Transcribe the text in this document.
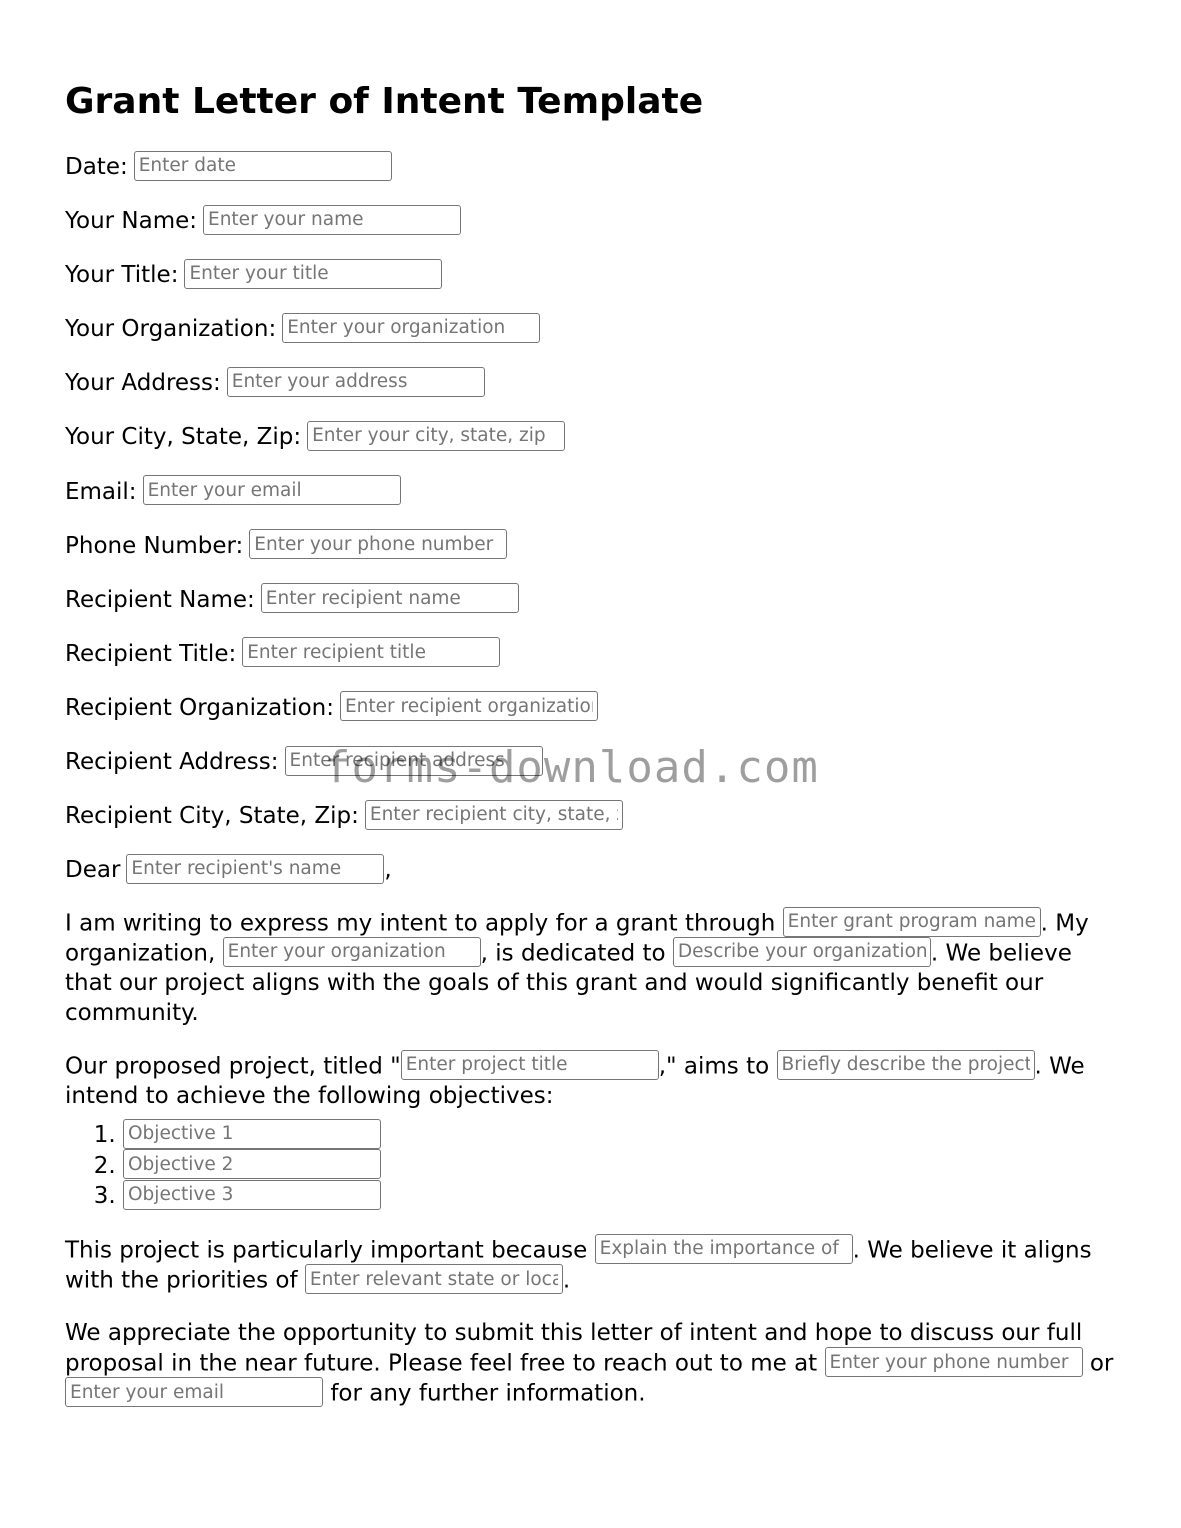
Grant Letter of Intent Template
Date:Enter date
Your Name:Enter your name
Your Title:Enter your title
Your Organization:Enter your organization
Your Address:Enter your address
Your City, State, Zip:Enter your city, state, zip
Email:Enter your email
Phone Number:Enter your phone number
Recipient Name:Enter recipient name
Recipient Title:Enter recipient title
Recipient Organization:Enter recipient organization
Recipient Address:Enter recipient address
Recipient City, State, Zip:Enter recipient city, state, zip
DearEnter recipient's name	,

I am writing to express my intent to apply for a grant through Enter grant program name	. My organization, Enter your organization	, is dedicated to Describe your organization	. We believe that our project aligns with the goals of this grant and would significantly benefit our community.

Our proposed project, titled "Enter project title	," aims to Briefly describe the project	. We intend to achieve the following objectives:

1. Objective 1
2. Objective 2
3. Objective 3

This project is particularly important because Explain the importance of	. We believe it aligns with the priorities of Enter relevant state or local	.

We appreciate the opportunity to submit this letter of intent and hope to discuss our full proposal in the near future. Please feel free to reach out to me at Enter your phone number	or Enter your email for any further information.

forms-download.com
